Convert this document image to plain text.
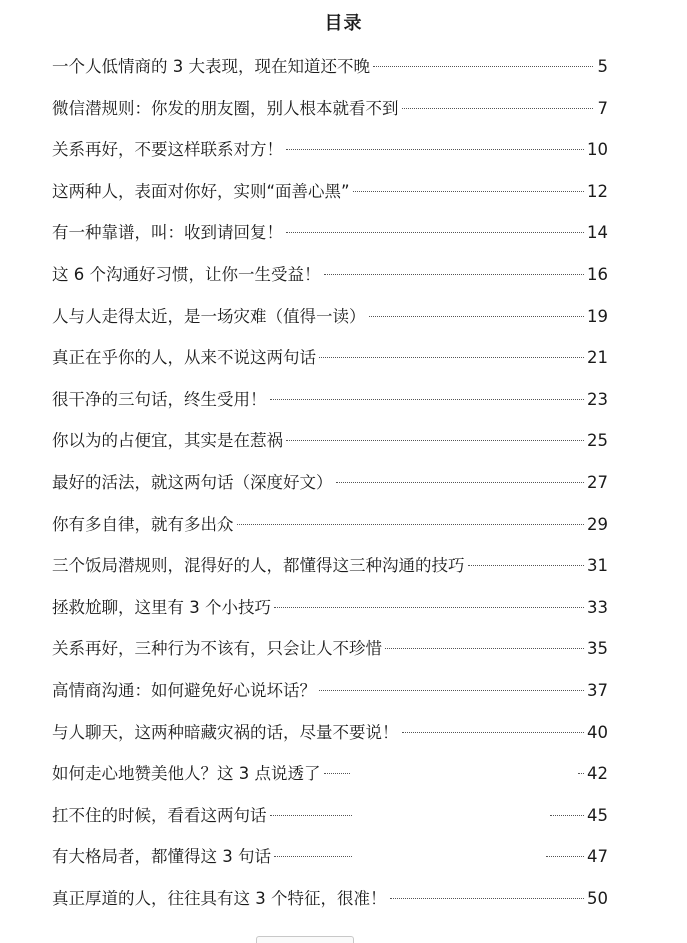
目录
一个人低情商的 3 大表现，现在知道还不晚	5
微信潜规则：你发的朋友圈，别人根本就看不到	7
关系再好，不要这样联系对方！	10
这两种人，表面对你好，实则“面善心黑”	12
有一种靠谱，叫：收到请回复！	14
这 6 个沟通好习惯，让你一生受益！	16
人与人走得太近，是一场灾难（值得一读）	19
真正在乎你的人，从来不说这两句话	21
很干净的三句话，终生受用！	23
你以为的占便宜，其实是在惹祸	25
最好的活法，就这两句话（深度好文）	27
你有多自律，就有多出众	29
三个饭局潜规则，混得好的人，都懂得这三种沟通的技巧	31
拯救尬聊，这里有 3 个小技巧	33
关系再好，三种行为不该有，只会让人不珍惜	35
高情商沟通：如何避免好心说坏话？	37
与人聊天，这两种暗藏灾祸的话，尽量不要说！	40
如何走心地赞美他人？这 3 点说透了	42
扛不住的时候，看看这两句话	45
有大格局者，都懂得这 3 句话	47
真正厚道的人，往往具有这 3 个特征，很准！	50
